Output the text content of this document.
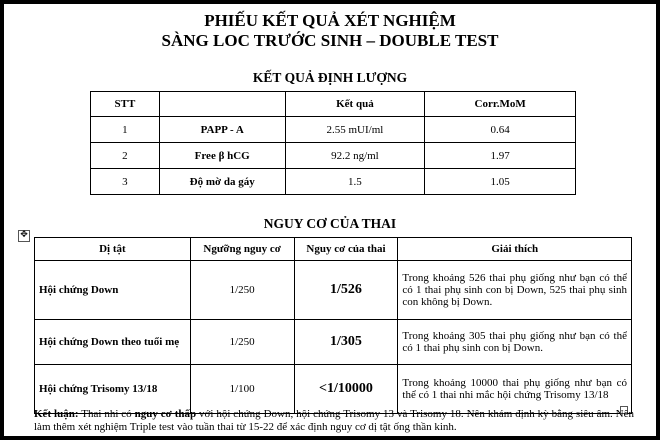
PHIẾU KẾT QUẢ XÉT NGHIỆM
SÀNG LOC TRƯỚC SINH – DOUBLE TEST
KẾT QUẢ ĐỊNH LƯỢNG
STT		Kết quả	Corr.MoM
1	PAPP - A	2.55 mUI/ml	0.64
2	Free β hCG	92.2 ng/ml	1.97
3	Độ mờ da gáy	1.5	1.05
NGUY CƠ CỦA THAI
✥
Dị tật	Ngưỡng nguy cơ	Nguy cơ của thai	Giải thích
Hội chứng Down	1/250	1/526	Trong khoảng 526 thai phụ giống như bạn có thể có 1 thai phụ sinh con bị Down, 525 thai phụ sinh con không bị Down.
Hội chứng Down theo tuổi mẹ	1/250	1/305	Trong khoảng 305 thai phụ giống như bạn có thể có 1 thai phụ sinh con bị Down.
Hội chứng Trisomy 13/18	1/100	<1/10000	Trong khoảng 10000 thai phụ giống như bạn có thể có 1 thai nhi mắc hội chứng Trisomy 13/18

Kết luận: Thai nhi có nguy cơ thấp với hội chứng Down, hội chứng Trisomy 13 và Trisomy 18. Nên khám định kỳ bằng siêu âm. Nên làm thêm xét nghiệm Triple test vào tuần thai từ 15-22 để xác định nguy cơ dị tật ống thần kinh.
